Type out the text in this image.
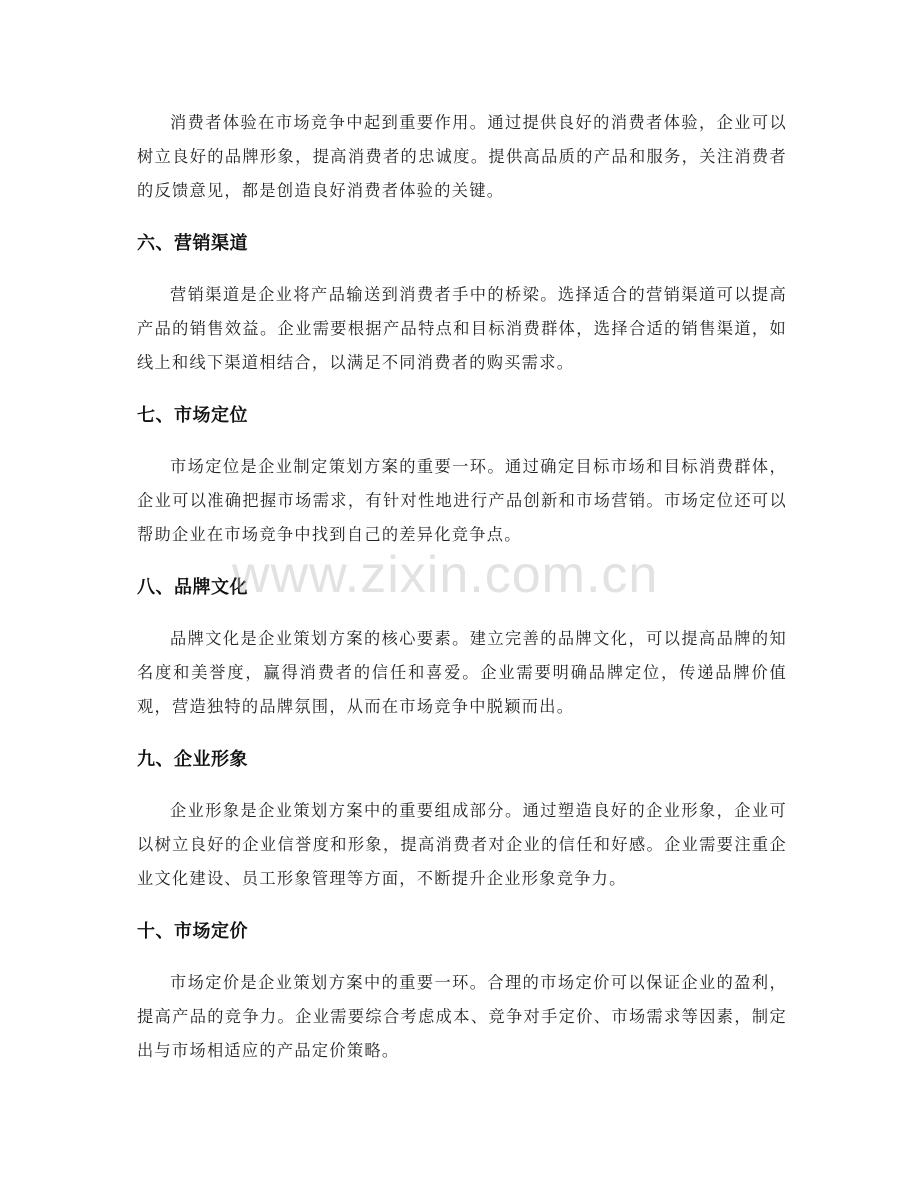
消费者体验在市场竞争中起到重要作用。通过提供良好的消费者体验，企业可以树立良好的品牌形象，提高消费者的忠诚度。提供高品质的产品和服务，关注消费者的反馈意见，都是创造良好消费者体验的关键。

六、营销渠道

营销渠道是企业将产品输送到消费者手中的桥梁。选择适合的营销渠道可以提高产品的销售效益。企业需要根据产品特点和目标消费群体，选择合适的销售渠道，如线上和线下渠道相结合，以满足不同消费者的购买需求。

七、市场定位

市场定位是企业制定策划方案的重要一环。通过确定目标市场和目标消费群体，企业可以准确把握市场需求，有针对性地进行产品创新和市场营销。市场定位还可以帮助企业在市场竞争中找到自己的差异化竞争点。

八、品牌文化

品牌文化是企业策划方案的核心要素。建立完善的品牌文化，可以提高品牌的知名度和美誉度，赢得消费者的信任和喜爱。企业需要明确品牌定位，传递品牌价值观，营造独特的品牌氛围，从而在市场竞争中脱颖而出。

九、企业形象

企业形象是企业策划方案中的重要组成部分。通过塑造良好的企业形象，企业可以树立良好的企业信誉度和形象，提高消费者对企业的信任和好感。企业需要注重企业文化建设、员工形象管理等方面，不断提升企业形象竞争力。

十、市场定价

市场定价是企业策划方案中的重要一环。合理的市场定价可以保证企业的盈利，提高产品的竞争力。企业需要综合考虑成本、竞争对手定价、市场需求等因素，制定出与市场相适应的产品定价策略。

www.zixin.com.cn
